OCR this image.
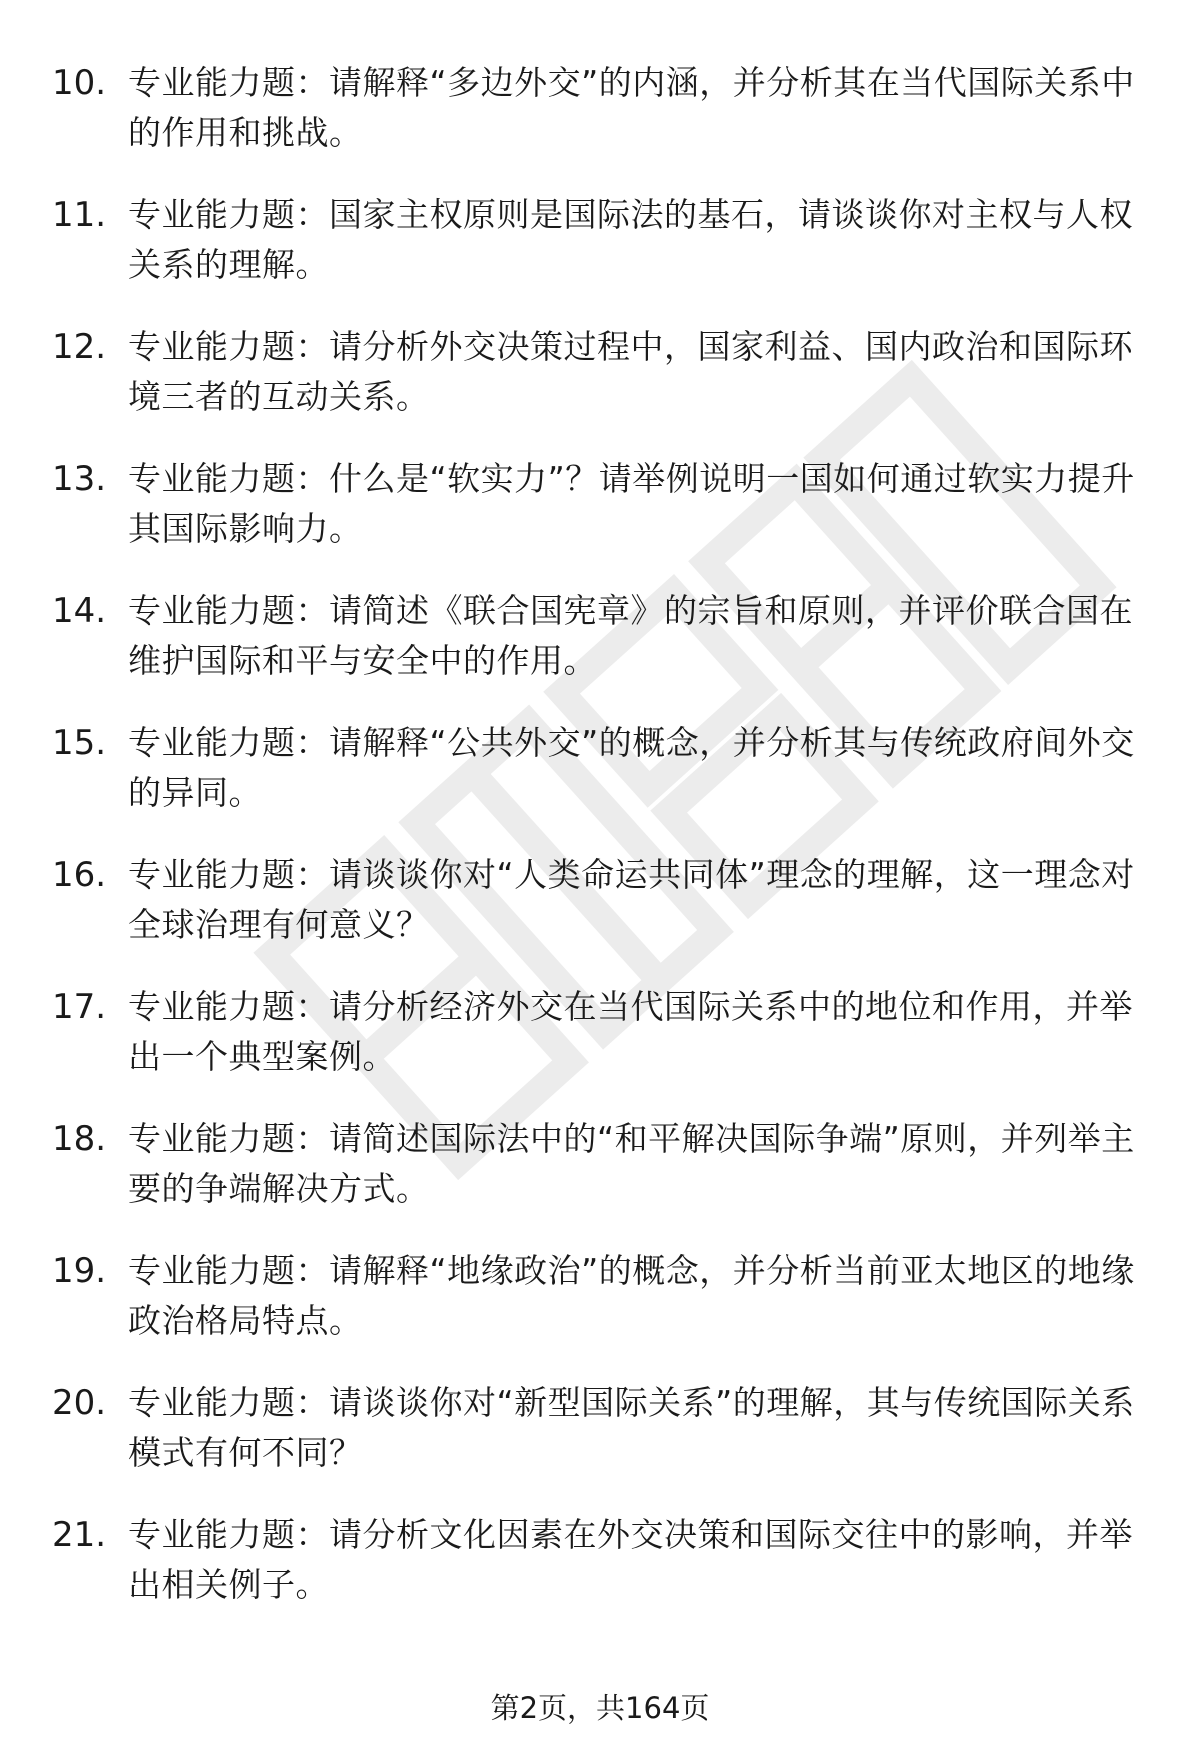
10. 专业能力题：请解释“多边外交”的内涵，并分析其在当代国际关系中的作用和挑战。
11. 专业能力题：国家主权原则是国际法的基石，请谈谈你对主权与人权关系的理解。
12. 专业能力题：请分析外交决策过程中，国家利益、国内政治和国际环境三者的互动关系。
13. 专业能力题：什么是“软实力”？请举例说明一国如何通过软实力提升其国际影响力。
14. 专业能力题：请简述《联合国宪章》的宗旨和原则，并评价联合国在维护国际和平与安全中的作用。
15. 专业能力题：请解释“公共外交”的概念，并分析其与传统政府间外交的异同。
16. 专业能力题：请谈谈你对“人类命运共同体”理念的理解，这一理念对全球治理有何意义？
17. 专业能力题：请分析经济外交在当代国际关系中的地位和作用，并举出一个典型案例。
18. 专业能力题：请简述国际法中的“和平解决国际争端”原则，并列举主要的争端解决方式。
19. 专业能力题：请解释“地缘政治”的概念，并分析当前亚太地区的地缘政治格局特点。
20. 专业能力题：请谈谈你对“新型国际关系”的理解，其与传统国际关系模式有何不同？
21. 专业能力题：请分析文化因素在外交决策和国际交往中的影响，并举出相关例子。
第2页，共164页
